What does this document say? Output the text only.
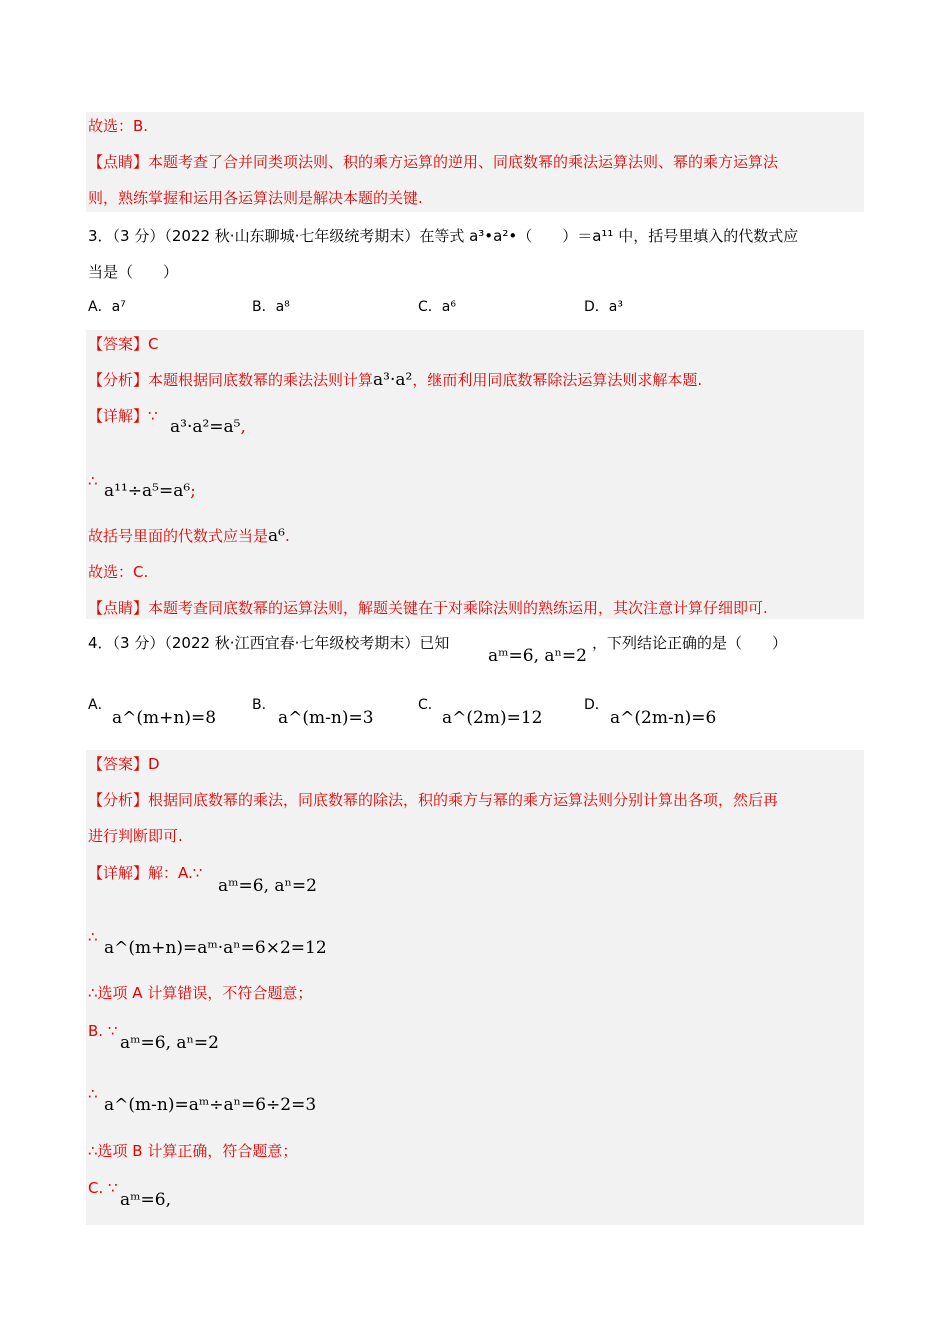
故选：B.
【点睛】本题考查了合并同类项法则、积的乘方运算的逆用、同底数幂的乘法运算法则、幂的乘方运算法
则，熟练掌握和运用各运算法则是解决本题的关键.
3．（3 分）（2022 秋·山东聊城·七年级统考期末）在等式 a³•a²•（　　）＝a¹¹ 中，括号里填入的代数式应
当是（　　）
A．a⁷	B．a⁸	C．a⁶	D．a³
【答案】C
【分析】本题根据同底数幂的乘法法则计算a³·a²，继而利用同底数幂除法运算法则求解本题.
【详解】∵
a³·a²=a⁵,
∴ a¹¹÷a⁵=a⁶;
故括号里面的代数式应当是a⁶.
故选：C.
【点睛】本题考查同底数幂的运算法则，解题关键在于对乘除法则的熟练运用，其次注意计算仔细即可.
4．（3 分）（2022 秋·江西宜春·七年级校考期末）已知
aᵐ=6, aⁿ=2
，下列结论正确的是（　　）
A．
a^(m+n)=8
B．
a^(m-n)=3
C．
a^(2m)=12
D．
a^(2m-n)=6
【答案】D
【分析】根据同底数幂的乘法，同底数幂的除法，积的乘方与幂的乘方运算法则分别计算出各项，然后再
进行判断即可.
【详解】解：A.∵
aᵐ=6, aⁿ=2
∴
a^(m+n)=aᵐ·aⁿ=6×2=12
∴选项 A 计算错误，不符合题意；
B. ∵
aᵐ=6, aⁿ=2
∴
a^(m-n)=aᵐ÷aⁿ=6÷2=3
∴选项 B 计算正确，符合题意；
C. ∵
aᵐ=6,
